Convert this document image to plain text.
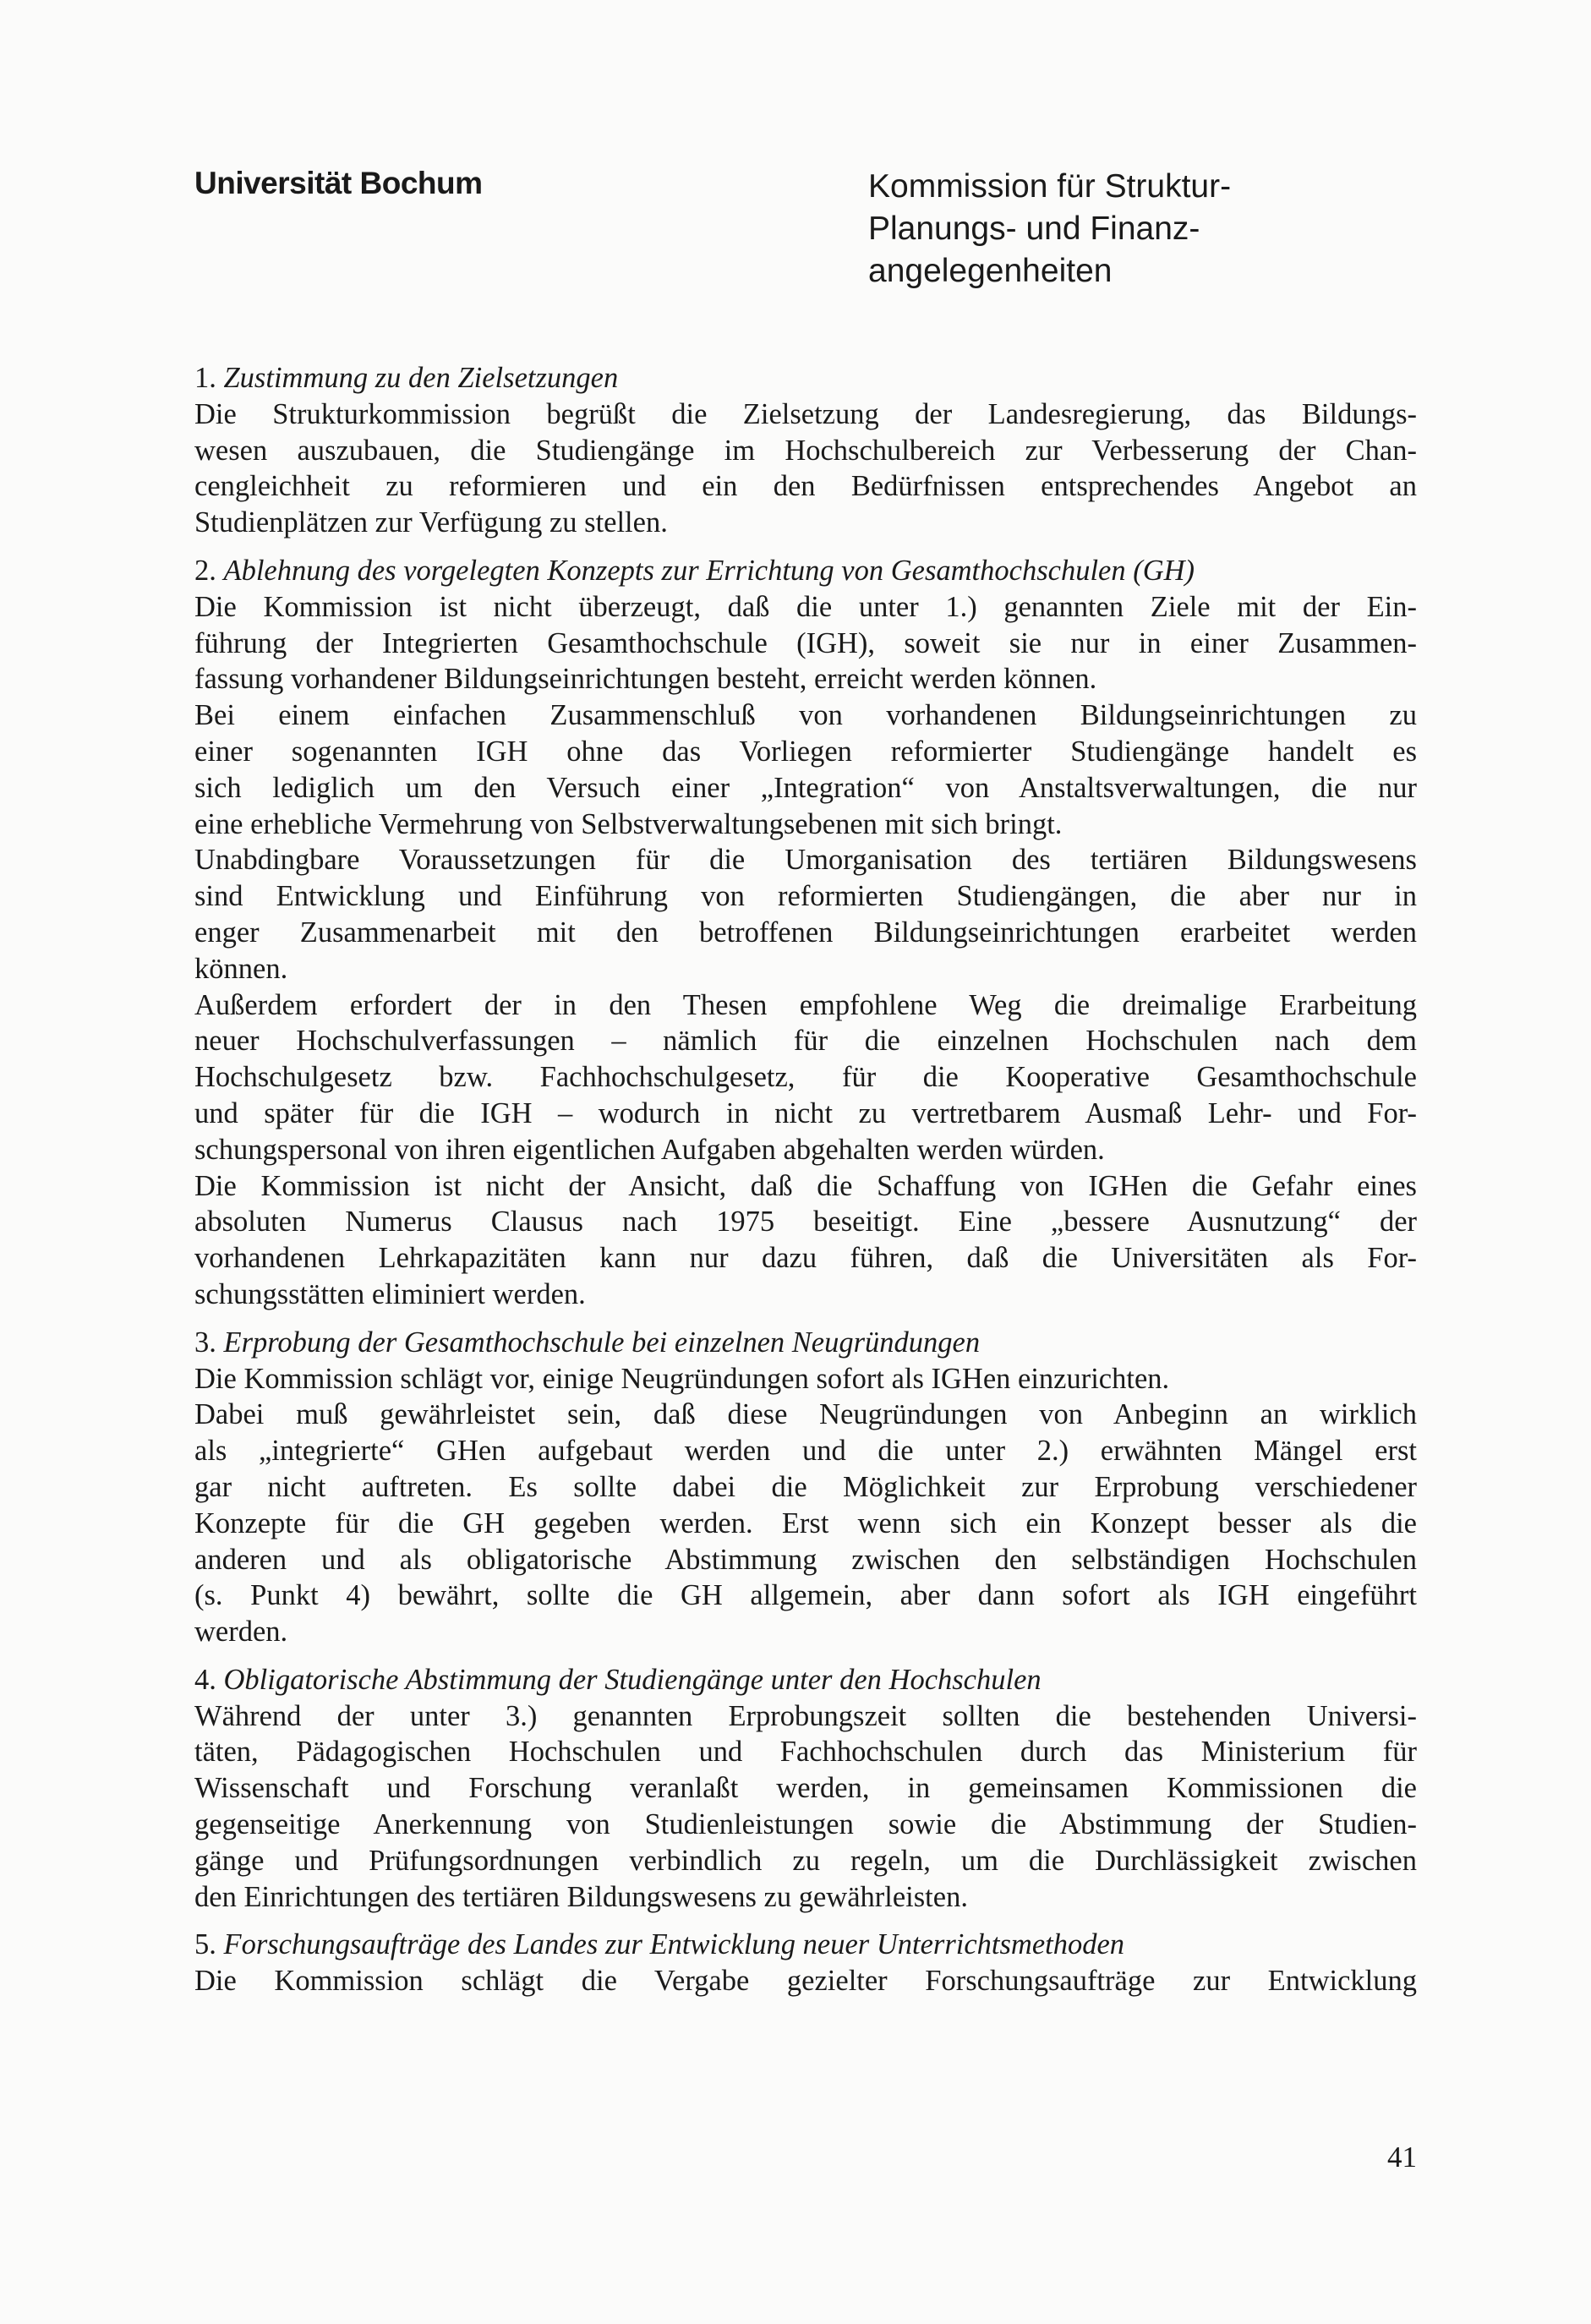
Universität Bochum	Kommission für Struktur-
Planungs- und Finanz-
angelegenheiten
1. Zustimmung zu den Zielsetzungen
Die Strukturkommission begrüßt die Zielsetzung der Landesregierung, das Bildungs-
wesen auszubauen, die Studiengänge im Hochschulbereich zur Verbesserung der Chan-
cengleichheit zu reformieren und ein den Bedürfnissen entsprechendes Angebot an
Studienplätzen zur Verfügung zu stellen.
2. Ablehnung des vorgelegten Konzepts zur Errichtung von Gesamthochschulen (GH)
Die Kommission ist nicht überzeugt, daß die unter 1.) genannten Ziele mit der Ein-
führung der Integrierten Gesamthochschule (IGH), soweit sie nur in einer Zusammen-
fassung vorhandener Bildungseinrichtungen besteht, erreicht werden können.
Bei einem einfachen Zusammenschluß von vorhandenen Bildungseinrichtungen zu
einer sogenannten IGH ohne das Vorliegen reformierter Studiengänge handelt es
sich lediglich um den Versuch einer „Integration“ von Anstaltsverwaltungen, die nur
eine erhebliche Vermehrung von Selbstverwaltungsebenen mit sich bringt.
Unabdingbare Voraussetzungen für die Umorganisation des tertiären Bildungswesens
sind Entwicklung und Einführung von reformierten Studiengängen, die aber nur in
enger Zusammenarbeit mit den betroffenen Bildungseinrichtungen erarbeitet werden
können.
Außerdem erfordert der in den Thesen empfohlene Weg die dreimalige Erarbeitung
neuer Hochschulverfassungen – nämlich für die einzelnen Hochschulen nach dem
Hochschulgesetz bzw. Fachhochschulgesetz, für die Kooperative Gesamthochschule
und später für die IGH – wodurch in nicht zu vertretbarem Ausmaß Lehr- und For-
schungspersonal von ihren eigentlichen Aufgaben abgehalten werden würden.
Die Kommission ist nicht der Ansicht, daß die Schaffung von IGHen die Gefahr eines
absoluten Numerus Clausus nach 1975 beseitigt. Eine „bessere Ausnutzung“ der
vorhandenen Lehrkapazitäten kann nur dazu führen, daß die Universitäten als For-
schungsstätten eliminiert werden.
3. Erprobung der Gesamthochschule bei einzelnen Neugründungen
Die Kommission schlägt vor, einige Neugründungen sofort als IGHen einzurichten.
Dabei muß gewährleistet sein, daß diese Neugründungen von Anbeginn an wirklich
als „integrierte“ GHen aufgebaut werden und die unter 2.) erwähnten Mängel erst
gar nicht auftreten. Es sollte dabei die Möglichkeit zur Erprobung verschiedener
Konzepte für die GH gegeben werden. Erst wenn sich ein Konzept besser als die
anderen und als obligatorische Abstimmung zwischen den selbständigen Hochschulen
(s. Punkt 4) bewährt, sollte die GH allgemein, aber dann sofort als IGH eingeführt
werden.
4. Obligatorische Abstimmung der Studiengänge unter den Hochschulen
Während der unter 3.) genannten Erprobungszeit sollten die bestehenden Universi-
täten, Pädagogischen Hochschulen und Fachhochschulen durch das Ministerium für
Wissenschaft und Forschung veranlaßt werden, in gemeinsamen Kommissionen die
gegenseitige Anerkennung von Studienleistungen sowie die Abstimmung der Studien-
gänge und Prüfungsordnungen verbindlich zu regeln, um die Durchlässigkeit zwischen
den Einrichtungen des tertiären Bildungswesens zu gewährleisten.
5. Forschungsaufträge des Landes zur Entwicklung neuer Unterrichtsmethoden
Die Kommission schlägt die Vergabe gezielter Forschungsaufträge zur Entwicklung
41
